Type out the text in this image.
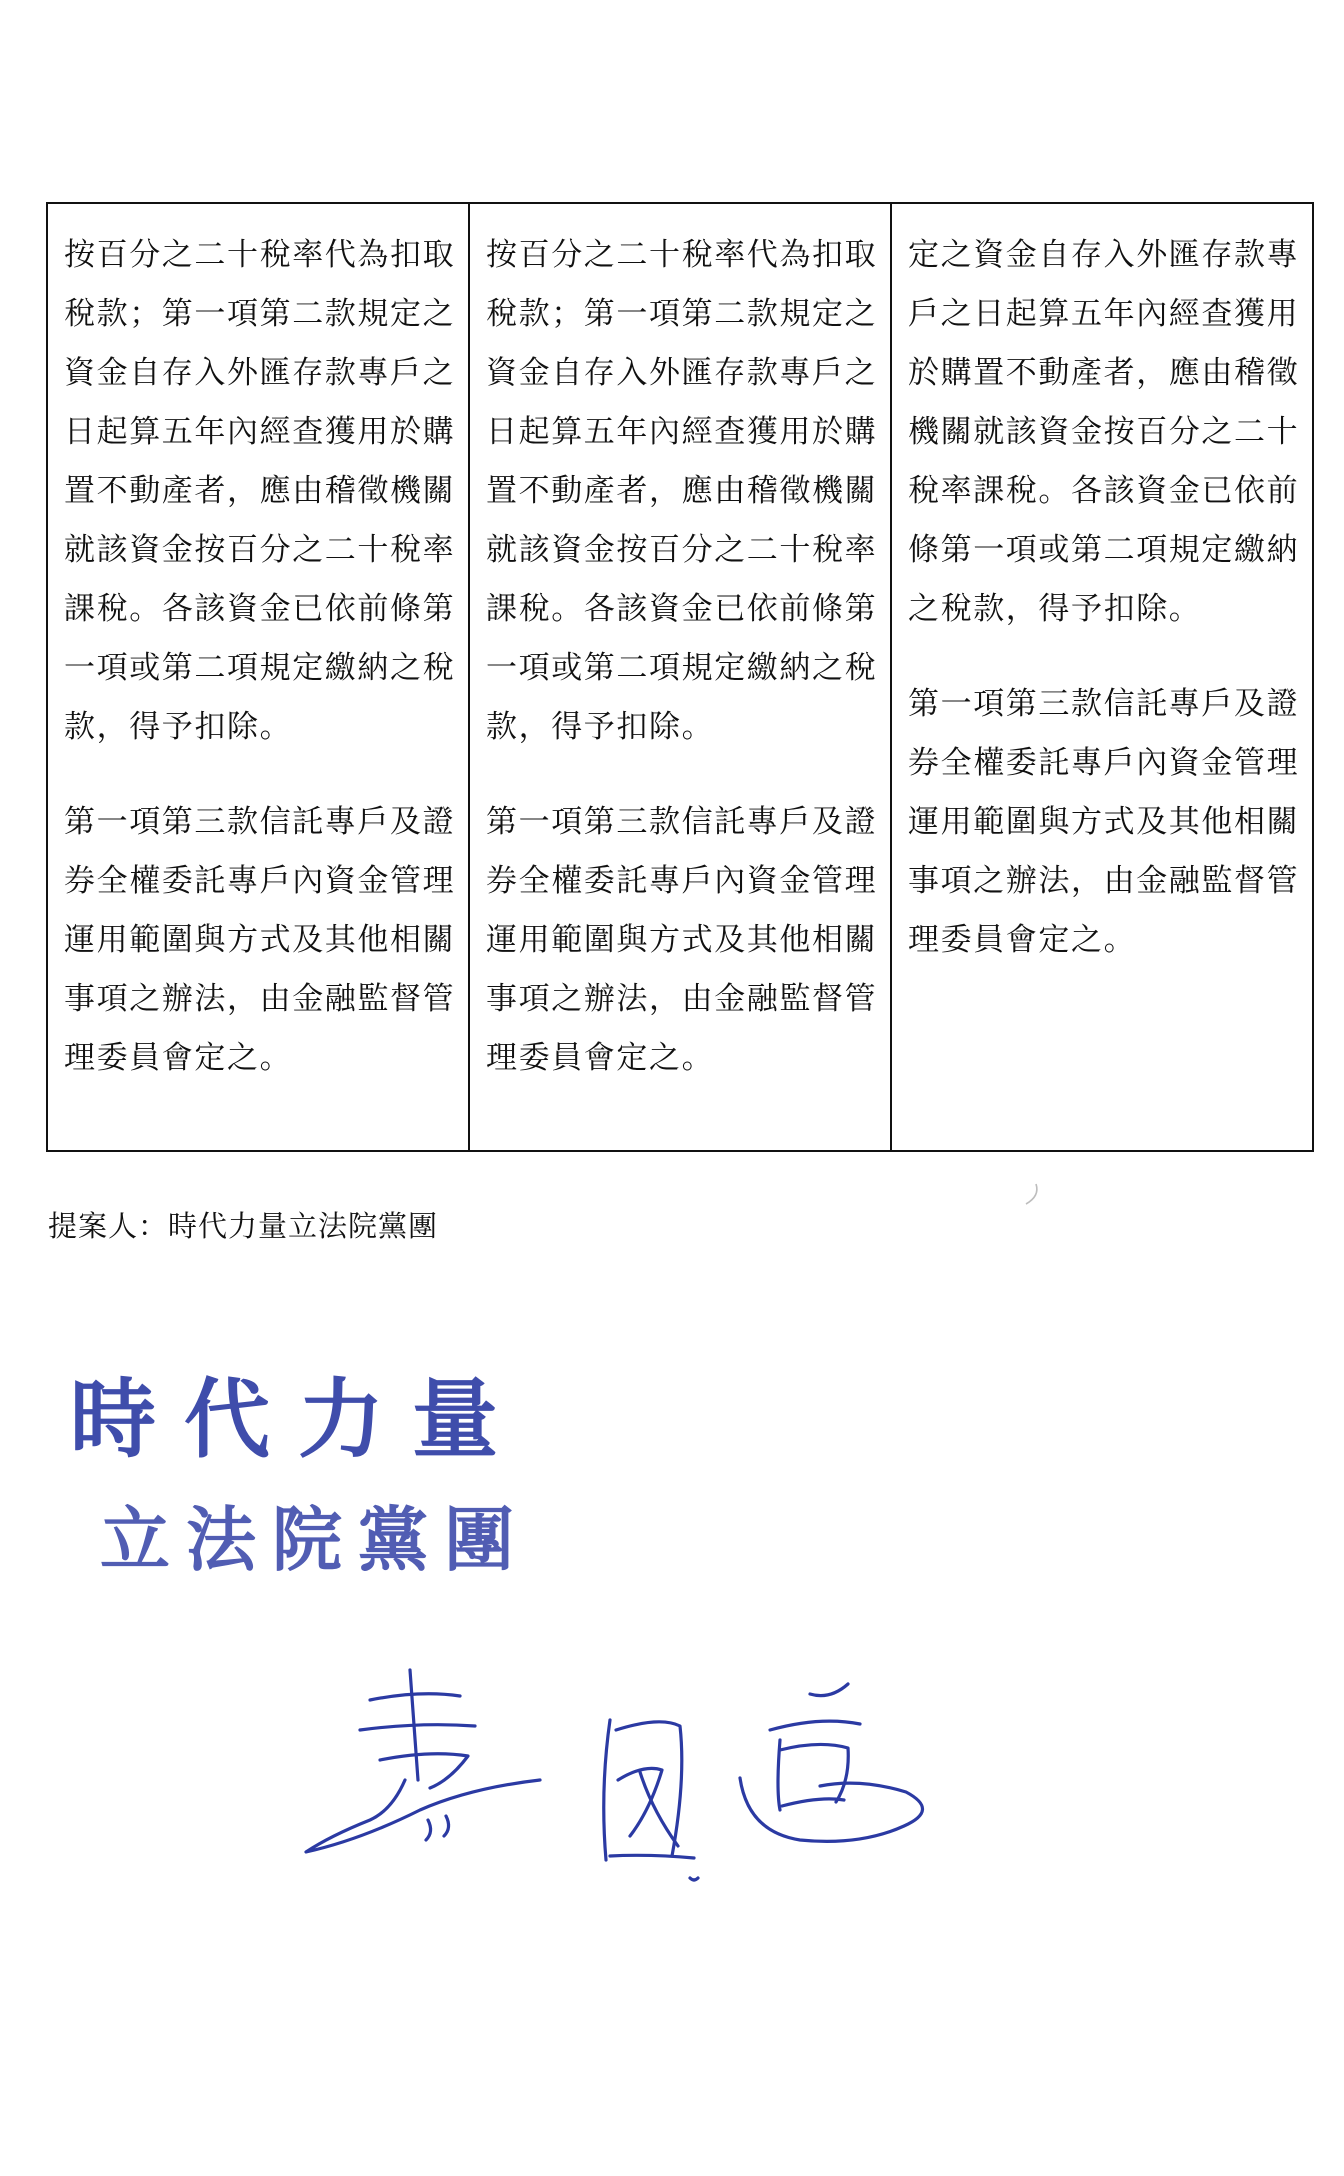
按百分之二十稅率代為扣取稅款；第一項第二款規定之資金自存入外匯存款專戶之日起算五年內經查獲用於購置不動產者，應由稽徵機關就該資金按百分之二十稅率課稅。各該資金已依前條第一項或第二項規定繳納之稅款，得予扣除。

第一項第三款信託專戶及證券全權委託專戶內資金管理運用範圍與方式及其他相關事項之辦法，由金融監督管理委員會定之。

按百分之二十稅率代為扣取稅款；第一項第二款規定之資金自存入外匯存款專戶之日起算五年內經查獲用於購置不動產者，應由稽徵機關就該資金按百分之二十稅率課稅。各該資金已依前條第一項或第二項規定繳納之稅款，得予扣除。

第一項第三款信託專戶及證券全權委託專戶內資金管理運用範圍與方式及其他相關事項之辦法，由金融監督管理委員會定之。

定之資金自存入外匯存款專戶之日起算五年內經查獲用於購置不動產者，應由稽徵機關就該資金按百分之二十稅率課稅。各該資金已依前條第一項或第二項規定繳納之稅款，得予扣除。

第一項第三款信託專戶及證券全權委託專戶內資金管理運用範圍與方式及其他相關事項之辦法，由金融監督管理委員會定之。

提案人：時代力量立法院黨團
時代力量
立法院黨團
